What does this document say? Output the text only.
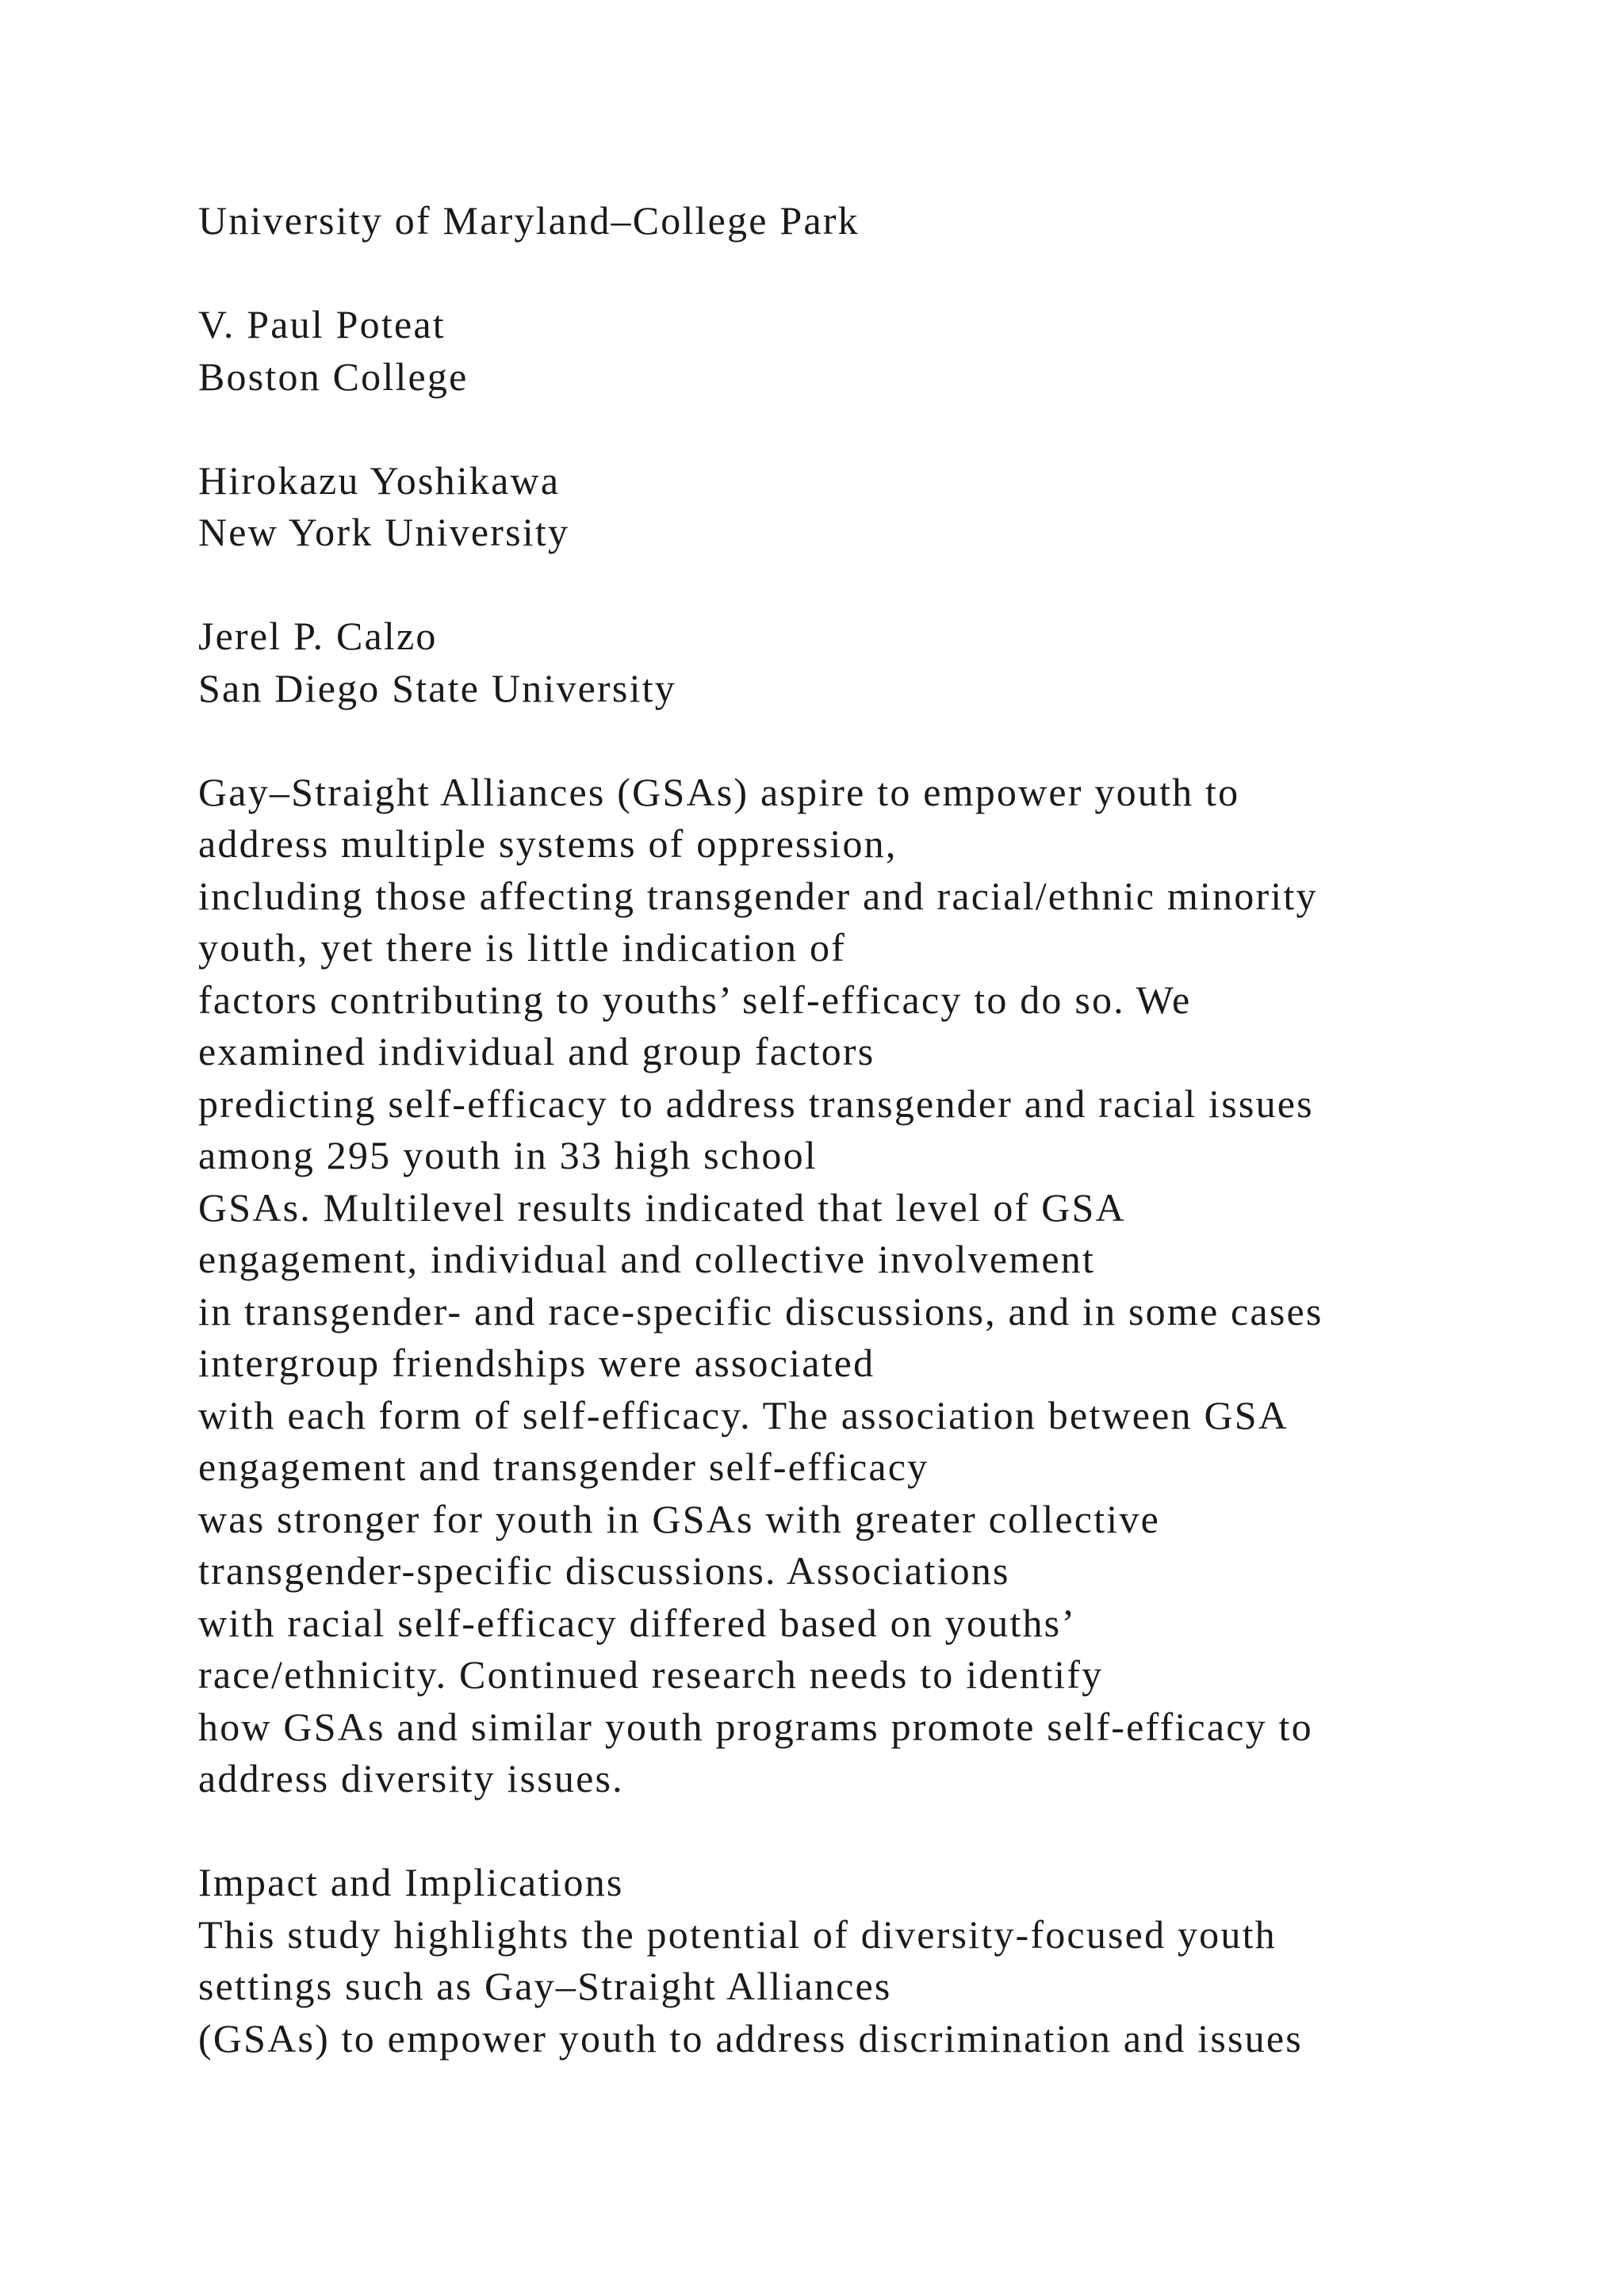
University of Maryland–College Park
V. Paul Poteat
Boston College
Hirokazu Yoshikawa
New York University
Jerel P. Calzo
San Diego State University
Gay–Straight Alliances (GSAs) aspire to empower youth to
address multiple systems of oppression,
including those affecting transgender and racial/ethnic minority
youth, yet there is little indication of
factors contributing to youths’ self-efficacy to do so. We
examined individual and group factors
predicting self-efficacy to address transgender and racial issues
among 295 youth in 33 high school
GSAs. Multilevel results indicated that level of GSA
engagement, individual and collective involvement
in transgender- and race-specific discussions, and in some cases
intergroup friendships were associated
with each form of self-efficacy. The association between GSA
engagement and transgender self-efficacy
was stronger for youth in GSAs with greater collective
transgender-specific discussions. Associations
with racial self-efficacy differed based on youths’
race/ethnicity. Continued research needs to identify
how GSAs and similar youth programs promote self-efficacy to
address diversity issues.
Impact and Implications
This study highlights the potential of diversity-focused youth
settings such as Gay–Straight Alliances
(GSAs) to empower youth to address discrimination and issues
